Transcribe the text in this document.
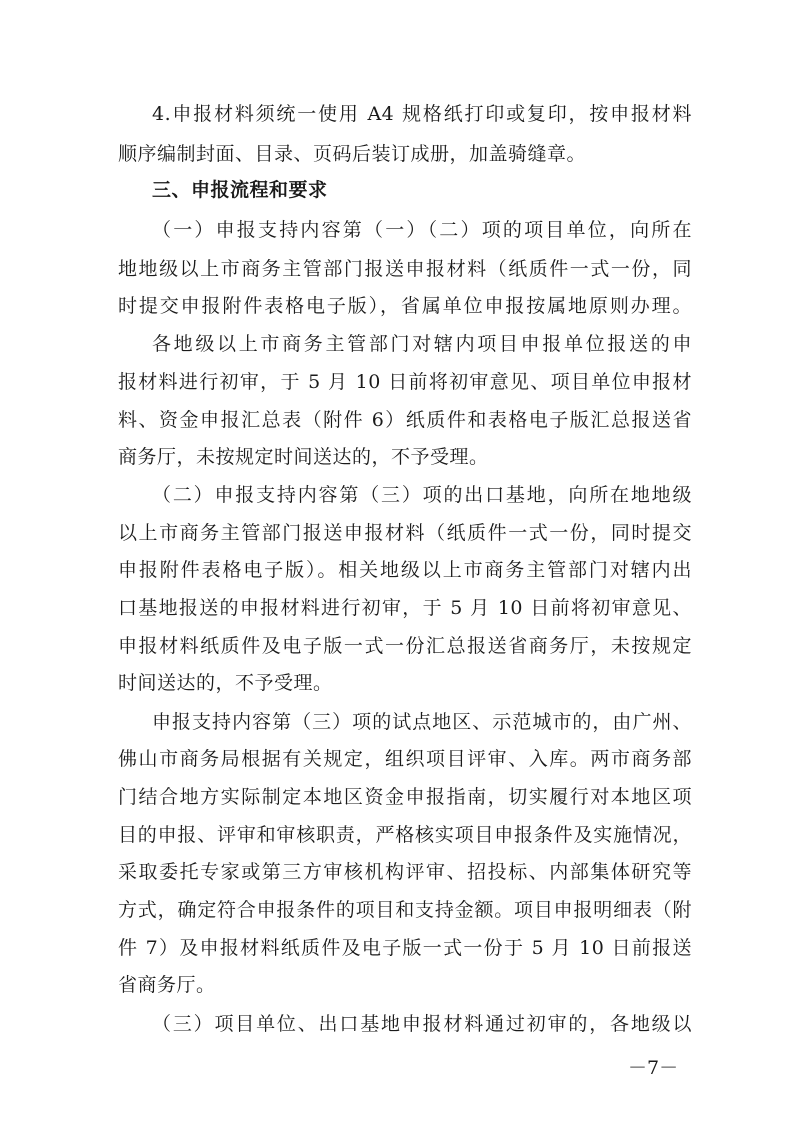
4.申报材料须统一使用 A4 规格纸打印或复印，按申报材料
顺序编制封面、目录、页码后装订成册，加盖骑缝章。
三、申报流程和要求
（一）申报支持内容第（一）（二）项的项目单位，向所在
地地级以上市商务主管部门报送申报材料（纸质件一式一份，同
时提交申报附件表格电子版），省属单位申报按属地原则办理。
各地级以上市商务主管部门对辖内项目申报单位报送的申
报材料进行初审，于 5 月 10 日前将初审意见、项目单位申报材
料、资金申报汇总表（附件 6）纸质件和表格电子版汇总报送省
商务厅，未按规定时间送达的，不予受理。
（二）申报支持内容第（三）项的出口基地，向所在地地级
以上市商务主管部门报送申报材料（纸质件一式一份，同时提交
申报附件表格电子版）。相关地级以上市商务主管部门对辖内出
口基地报送的申报材料进行初审，于 5 月 10 日前将初审意见、
申报材料纸质件及电子版一式一份汇总报送省商务厅，未按规定
时间送达的，不予受理。
申报支持内容第（三）项的试点地区、示范城市的，由广州、
佛山市商务局根据有关规定，组织项目评审、入库。两市商务部
门结合地方实际制定本地区资金申报指南，切实履行对本地区项
目的申报、评审和审核职责，严格核实项目申报条件及实施情况，
采取委托专家或第三方审核机构评审、招投标、内部集体研究等
方式，确定符合申报条件的项目和支持金额。项目申报明细表（附
件 7）及申报材料纸质件及电子版一式一份于 5 月 10 日前报送
省商务厅。
（三）项目单位、出口基地申报材料通过初审的，各地级以
－7－
